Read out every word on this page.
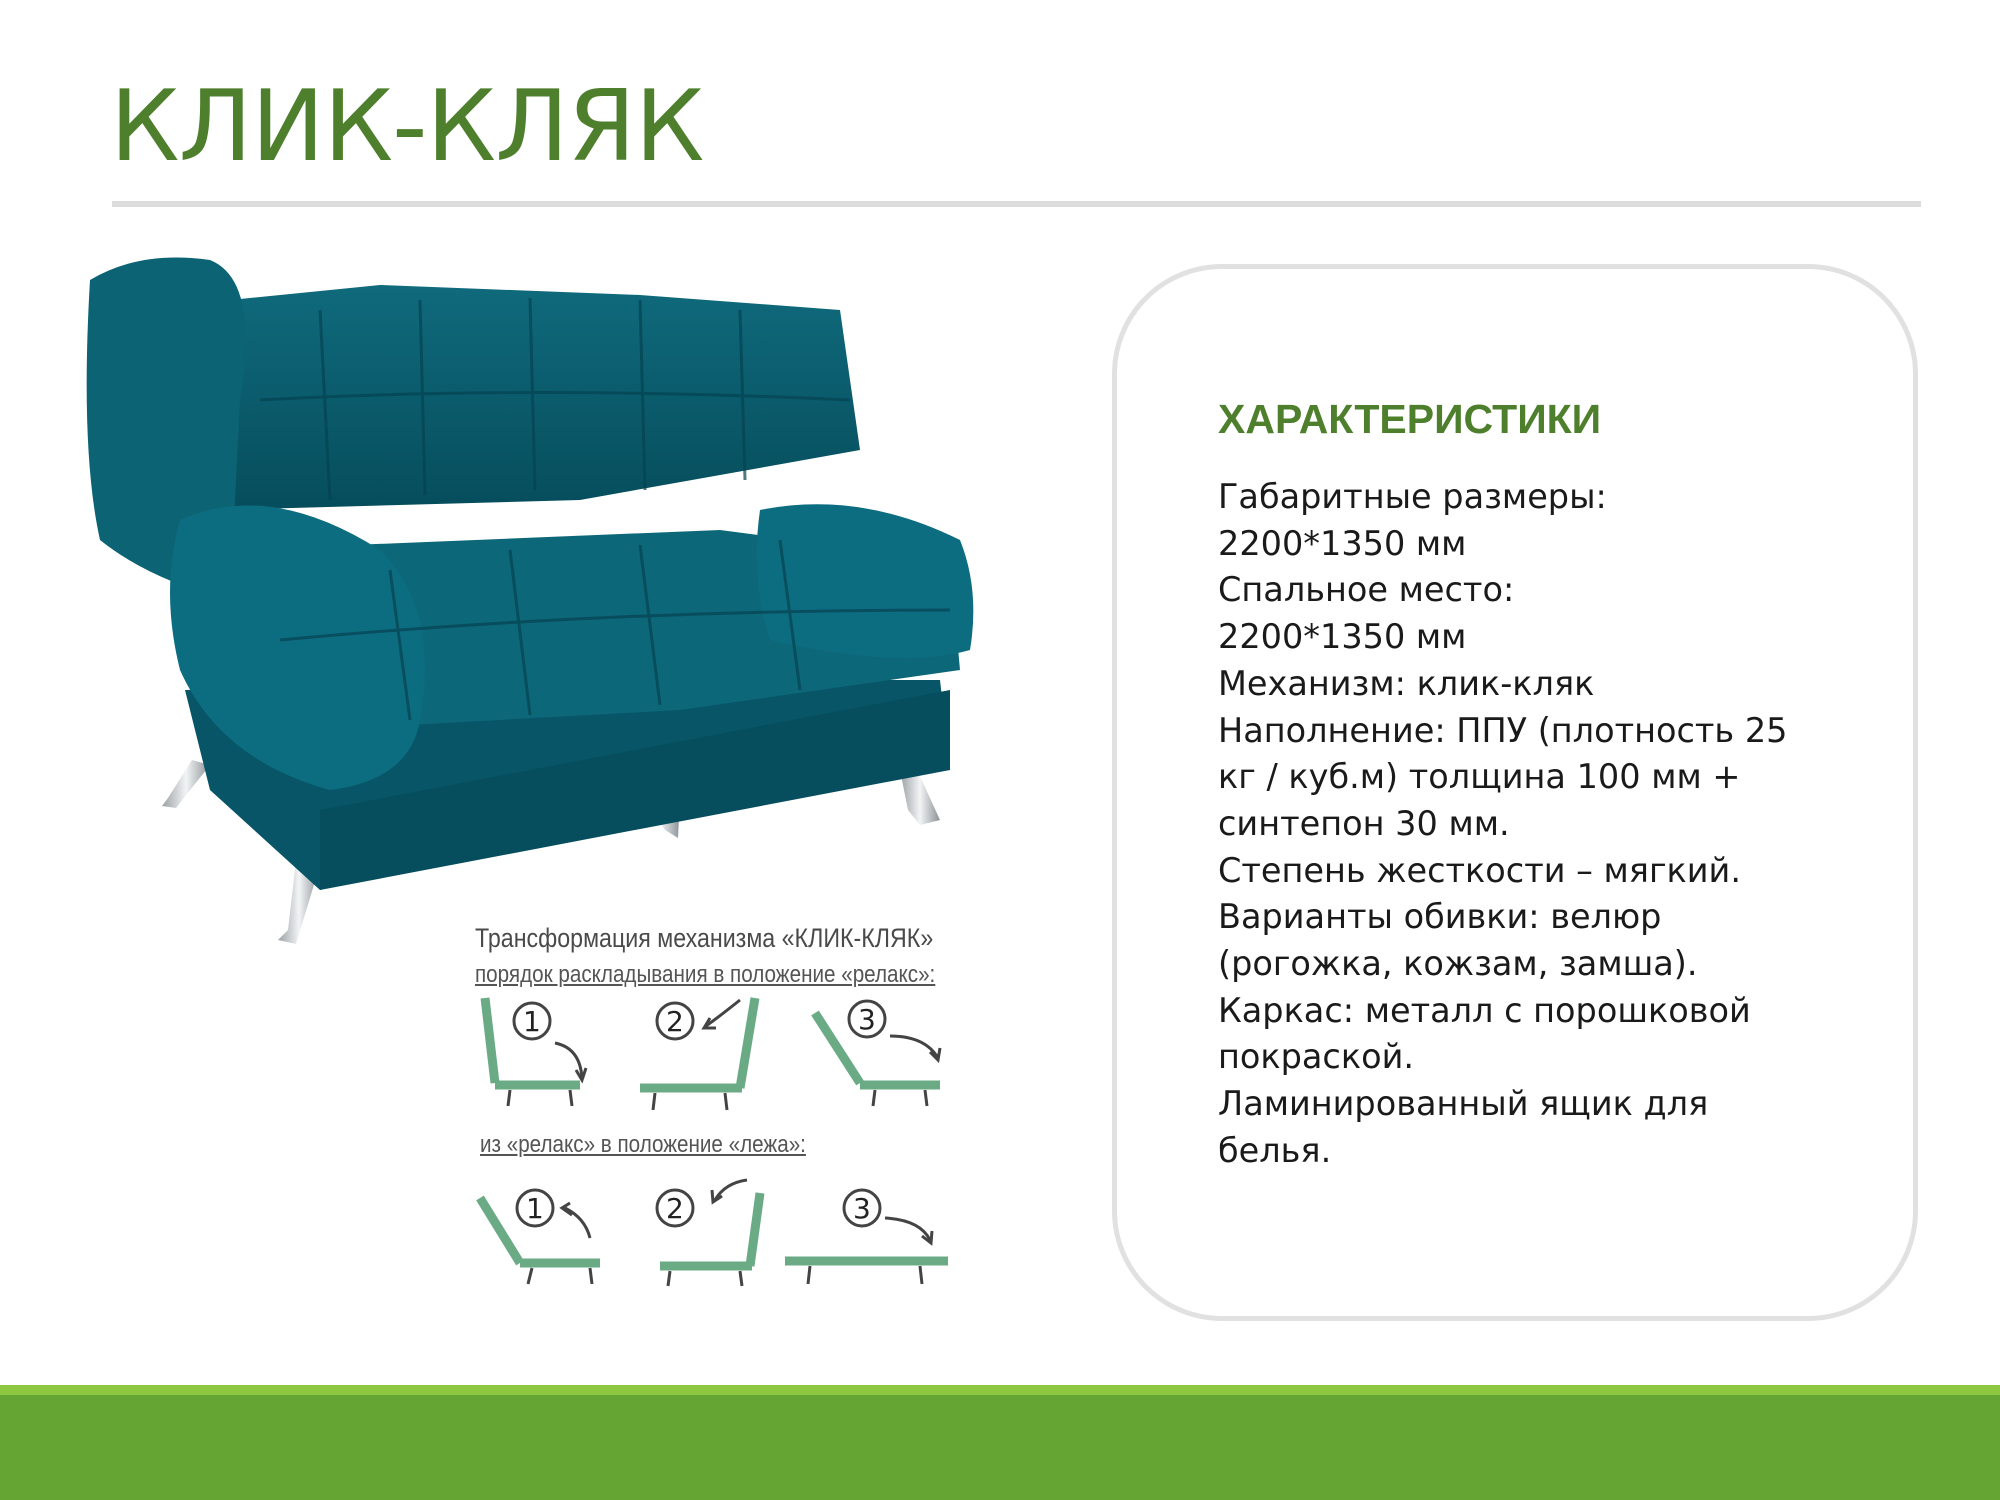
КЛИК-КЛЯК
Трансформация механизма «КЛИК-КЛЯК»
порядок раскладывания в положение «релакс»:
из «релакс» в положение «лежа»:
1	2	3
1	2	3
ХАРАКТЕРИСТИКИ
Габаритные размеры:
2200*1350 мм
Спальное место:
2200*1350 мм
Механизм: клик-кляк
Наполнение: ППУ (плотность 25
кг / куб.м) толщина 100 мм +
синтепон 30 мм.
Степень жесткости – мягкий.
Варианты обивки: велюр
(рогожка, кожзам, замша).
Каркас: металл с порошковой
покраской.
Ламинированный ящик для
белья.
